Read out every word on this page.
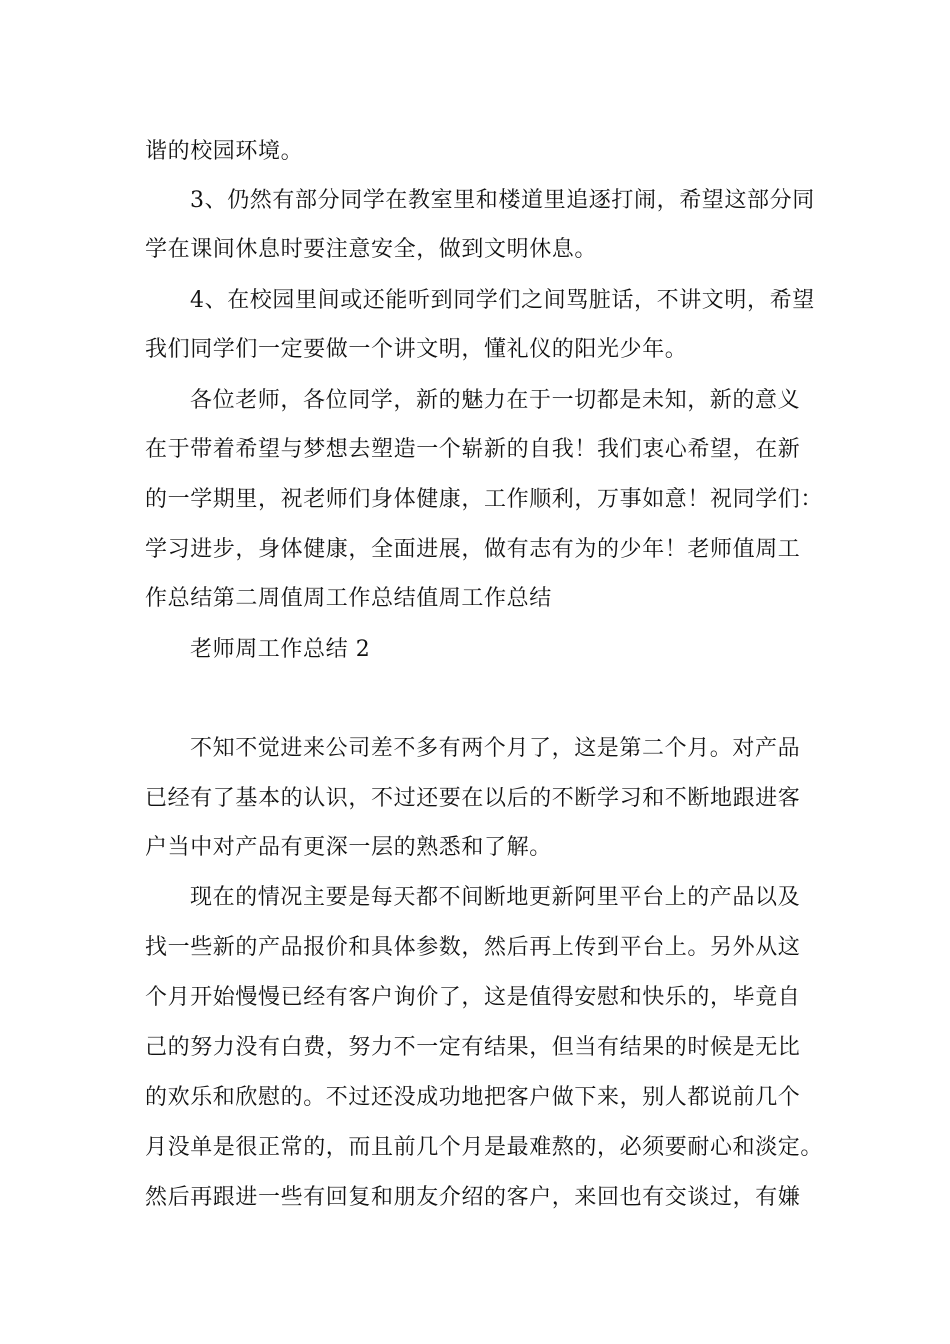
谐的校园环境。
3、仍然有部分同学在教室里和楼道里追逐打闹，希望这部分同
学在课间休息时要注意安全，做到文明休息。
4、在校园里间或还能听到同学们之间骂脏话，不讲文明，希望
我们同学们一定要做一个讲文明，懂礼仪的阳光少年。
各位老师，各位同学，新的魅力在于一切都是未知，新的意义
在于带着希望与梦想去塑造一个崭新的自我！我们衷心希望，在新
的一学期里，祝老师们身体健康，工作顺利，万事如意！祝同学们：
学习进步，身体健康，全面进展，做有志有为的少年！老师值周工
作总结第二周值周工作总结值周工作总结
老师周工作总结 2
不知不觉进来公司差不多有两个月了，这是第二个月。对产品
已经有了基本的认识，不过还要在以后的不断学习和不断地跟进客
户当中对产品有更深一层的熟悉和了解。
现在的情况主要是每天都不间断地更新阿里平台上的产品以及
找一些新的产品报价和具体参数，然后再上传到平台上。另外从这
个月开始慢慢已经有客户询价了，这是值得安慰和快乐的，毕竟自
己的努力没有白费，努力不一定有结果，但当有结果的时候是无比
的欢乐和欣慰的。不过还没成功地把客户做下来，别人都说前几个
月没单是很正常的，而且前几个月是最难熬的，必须要耐心和淡定。
然后再跟进一些有回复和朋友介绍的客户，来回也有交谈过，有嫌
